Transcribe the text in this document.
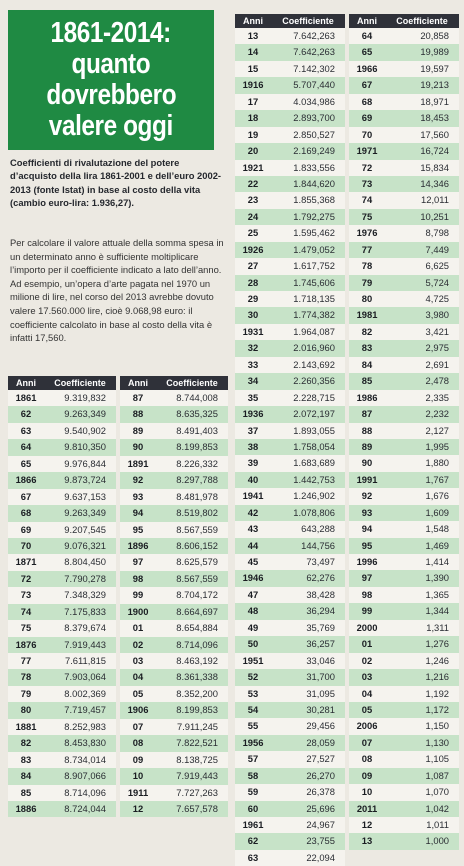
1861-2014:
quanto
dovrebbero
valere oggi

Coefficienti di rivalutazione del potere d’acquisto della lira 1861-2001 e dell’euro 2002-2013 (fonte Istat) in base al costo della vita (cambio euro-lira: 1.936,27).

Per calcolare il valore attuale della somma spesa in un determinato anno è sufficiente moltiplicare l’importo per il coefficiente indicato a lato dell’anno. Ad esempio, un’opera d’arte pagata nel 1970 un milione di lire, nel corso del 2013 avrebbe dovuto valere 17.560.000 lire, cioè 9.068,98 euro: il coefficiente calcolato in base al costo della vita è infatti 17,560.

Anni	Coefficiente
1861	9.319,832
62	9.263,349
63	9.540,902
64	9.810,350
65	9.976,844
1866	9.873,724
67	9.637,153
68	9.263,349
69	9.207,545
70	9.076,321
1871	8.804,450
72	7.790,278
73	7.348,329
74	7.175,833
75	8.379,674
1876	7.919,443
77	7.611,815
78	7.903,064
79	8.002,369
80	7.719,457
1881	8.252,983
82	8.453,830
83	8.734,014
84	8.907,066
85	8.714,096
1886	8.724,044
Anni	Coefficiente
87	8.744,008
88	8.635,325
89	8.491,403
90	8.199,853
1891	8.226,332
92	8.297,788
93	8.481,978
94	8.519,802
95	8.567,559
1896	8.606,152
97	8.625,579
98	8.567,559
99	8.704,172
1900	8.664,697
01	8.654,884
02	8.714,096
03	8.463,192
04	8.361,338
05	8.352,200
1906	8.199,853
07	7.911,245
08	7.822,521
09	8.138,725
10	7.919,443
1911	7.727,263
12	7.657,578
Anni	Coefficiente
13	7.642,263
14	7.642,263
15	7.142,302
1916	5.707,440
17	4.034,986
18	2.893,700
19	2.850,527
20	2.169,249
1921	1.833,556
22	1.844,620
23	1.855,368
24	1.792,275
25	1.595,462
1926	1.479,052
27	1.617,752
28	1.745,606
29	1.718,135
30	1.774,382
1931	1.964,087
32	2.016,960
33	2.143,692
34	2.260,356
35	2.228,715
1936	2.072,197
37	1.893,055
38	1.758,054
39	1.683,689
40	1.442,753
1941	1.246,902
42	1.078,806
43	643,288
44	144,756
45	73,497
1946	62,276
47	38,428
48	36,294
49	35,769
50	36,257
1951	33,046
52	31,700
53	31,095
54	30,281
55	29,456
1956	28,059
57	27,527
58	26,270
59	26,378
60	25,696
1961	24,967
62	23,755
63	22,094
Anni	Coefficiente
64	20,858
65	19,989
1966	19,597
67	19,213
68	18,971
69	18,453
70	17,560
1971	16,724
72	15,834
73	14,346
74	12,011
75	10,251
1976	8,798
77	7,449
78	6,625
79	5,724
80	4,725
1981	3,980
82	3,421
83	2,975
84	2,691
85	2,478
1986	2,335
87	2,232
88	2,127
89	1,995
90	1,880
1991	1,767
92	1,676
93	1,609
94	1,548
95	1,469
1996	1,414
97	1,390
98	1,365
99	1,344
2000	1,311
01	1,276
02	1,246
03	1,216
04	1,192
05	1,172
2006	1,150
07	1,130
08	1,105
09	1,087
10	1,070
2011	1,042
12	1,011
13	1,000
